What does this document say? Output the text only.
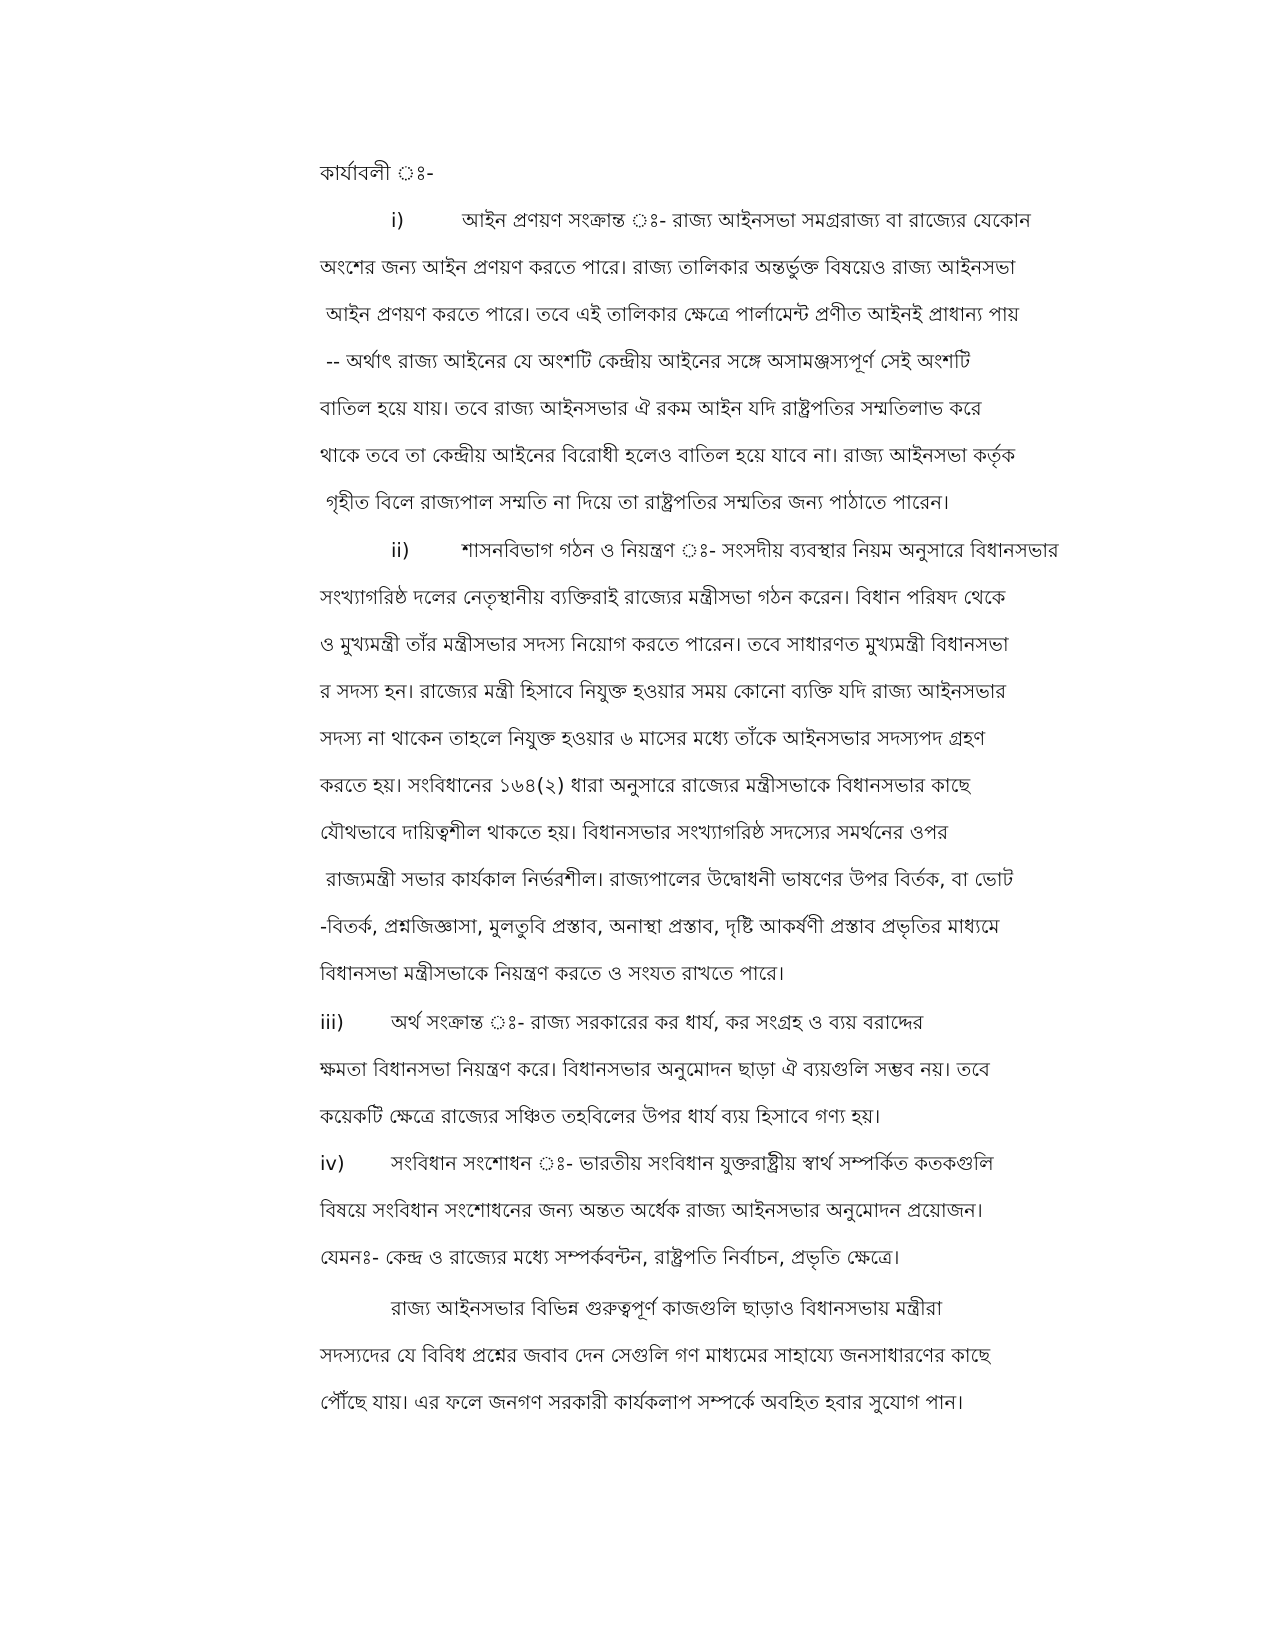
কার্যাবলী ঃ-
i)	আইন প্রণয়ণ সংক্রান্ত ঃ- রাজ্য আইনসভা সমগ্ররাজ্য বা রাজ্যের যেকোন
অংশের জন্য আইন প্রণয়ণ করতে পারে। রাজ্য তালিকার অন্তর্ভুক্ত বিষয়েও রাজ্য আইনসভা
আইন প্রণয়ণ করতে পারে। তবে এই তালিকার ক্ষেত্রে পার্লামেন্ট প্রণীত আইনই প্রাধান্য পায়
-- অর্থাৎ রাজ্য আইনের যে অংশটি কেন্দ্রীয় আইনের সঙ্গে অসামঞ্জস্যপূর্ণ সেই অংশটি
বাতিল হয়ে যায়। তবে রাজ্য আইনসভার ঐ রকম আইন যদি রাষ্ট্রপতির সম্মতিলাভ করে
থাকে তবে তা কেন্দ্রীয় আইনের বিরোধী হলেও বাতিল হয়ে যাবে না। রাজ্য আইনসভা কর্তৃক
গৃহীত বিলে রাজ্যপাল সম্মতি না দিয়ে তা রাষ্ট্রপতির সম্মতির জন্য পাঠাতে পারেন।
ii)	শাসনবিভাগ গঠন ও নিয়ন্ত্রণ ঃ- সংসদীয় ব্যবস্থার নিয়ম অনুসারে বিধানসভার
সংখ্যাগরিষ্ঠ দলের নেতৃস্থানীয় ব্যক্তিরাই রাজ্যের মন্ত্রীসভা গঠন করেন। বিধান পরিষদ থেকে
ও মুখ্যমন্ত্রী তাঁর মন্ত্রীসভার সদস্য নিয়োগ করতে পারেন। তবে সাধারণত মুখ্যমন্ত্রী বিধানসভা
র সদস্য হন। রাজ্যের মন্ত্রী হিসাবে নিযুক্ত হওয়ার সময় কোনো ব্যক্তি যদি রাজ্য আইনসভার
সদস্য না থাকেন তাহলে নিযুক্ত হওয়ার ৬ মাসের মধ্যে তাঁকে আইনসভার সদস্যপদ গ্রহণ
করতে হয়। সংবিধানের ১৬৪(২) ধারা অনুসারে রাজ্যের মন্ত্রীসভাকে বিধানসভার কাছে
যৌথভাবে দায়িত্বশীল থাকতে হয়। বিধানসভার সংখ্যাগরিষ্ঠ সদস্যের সমর্থনের ওপর
রাজ্যমন্ত্রী সভার কার্যকাল নির্ভরশীল। রাজ্যপালের উদ্বোধনী ভাষণের উপর বির্তক, বা ভোট
-বিতর্ক, প্রশ্নজিজ্ঞাসা, মুলতুবি প্রস্তাব, অনাস্থা প্রস্তাব, দৃষ্টি আকর্ষণী প্রস্তাব প্রভৃতির মাধ্যমে
বিধানসভা মন্ত্রীসভাকে নিয়ন্ত্রণ করতে ও সংযত রাখতে পারে।
iii) অর্থ সংক্রান্ত ঃ- রাজ্য সরকারের কর ধার্য, কর সংগ্রহ ও ব্যয় বরাদ্দের
ক্ষমতা বিধানসভা নিয়ন্ত্রণ করে। বিধানসভার অনুমোদন ছাড়া ঐ ব্যয়গুলি সম্ভব নয়। তবে
কয়েকটি ক্ষেত্রে রাজ্যের সঞ্চিত তহবিলের উপর ধার্য ব্যয় হিসাবে গণ্য হয়।
iv) সংবিধান সংশোধন ঃ- ভারতীয় সংবিধান যুক্তরাষ্ট্রীয় স্বার্থ সম্পর্কিত কতকগুলি
বিষয়ে সংবিধান সংশোধনের জন্য অন্তত অর্ধেক রাজ্য আইনসভার অনুমোদন প্রয়োজন।
যেমনঃ- কেন্দ্র ও রাজ্যের মধ্যে সম্পর্কবন্টন, রাষ্ট্রপতি নির্বাচন, প্রভৃতি ক্ষেত্রে।
রাজ্য আইনসভার বিভিন্ন গুরুত্বপূর্ণ কাজগুলি ছাড়াও বিধানসভায় মন্ত্রীরা
সদস্যদের যে বিবিধ প্রশ্নের জবাব দেন সেগুলি গণ মাধ্যমের সাহায্যে জনসাধারণের কাছে
পৌঁছে যায়। এর ফলে জনগণ সরকারী কার্যকলাপ সম্পর্কে অবহিত হবার সুযোগ পান।
